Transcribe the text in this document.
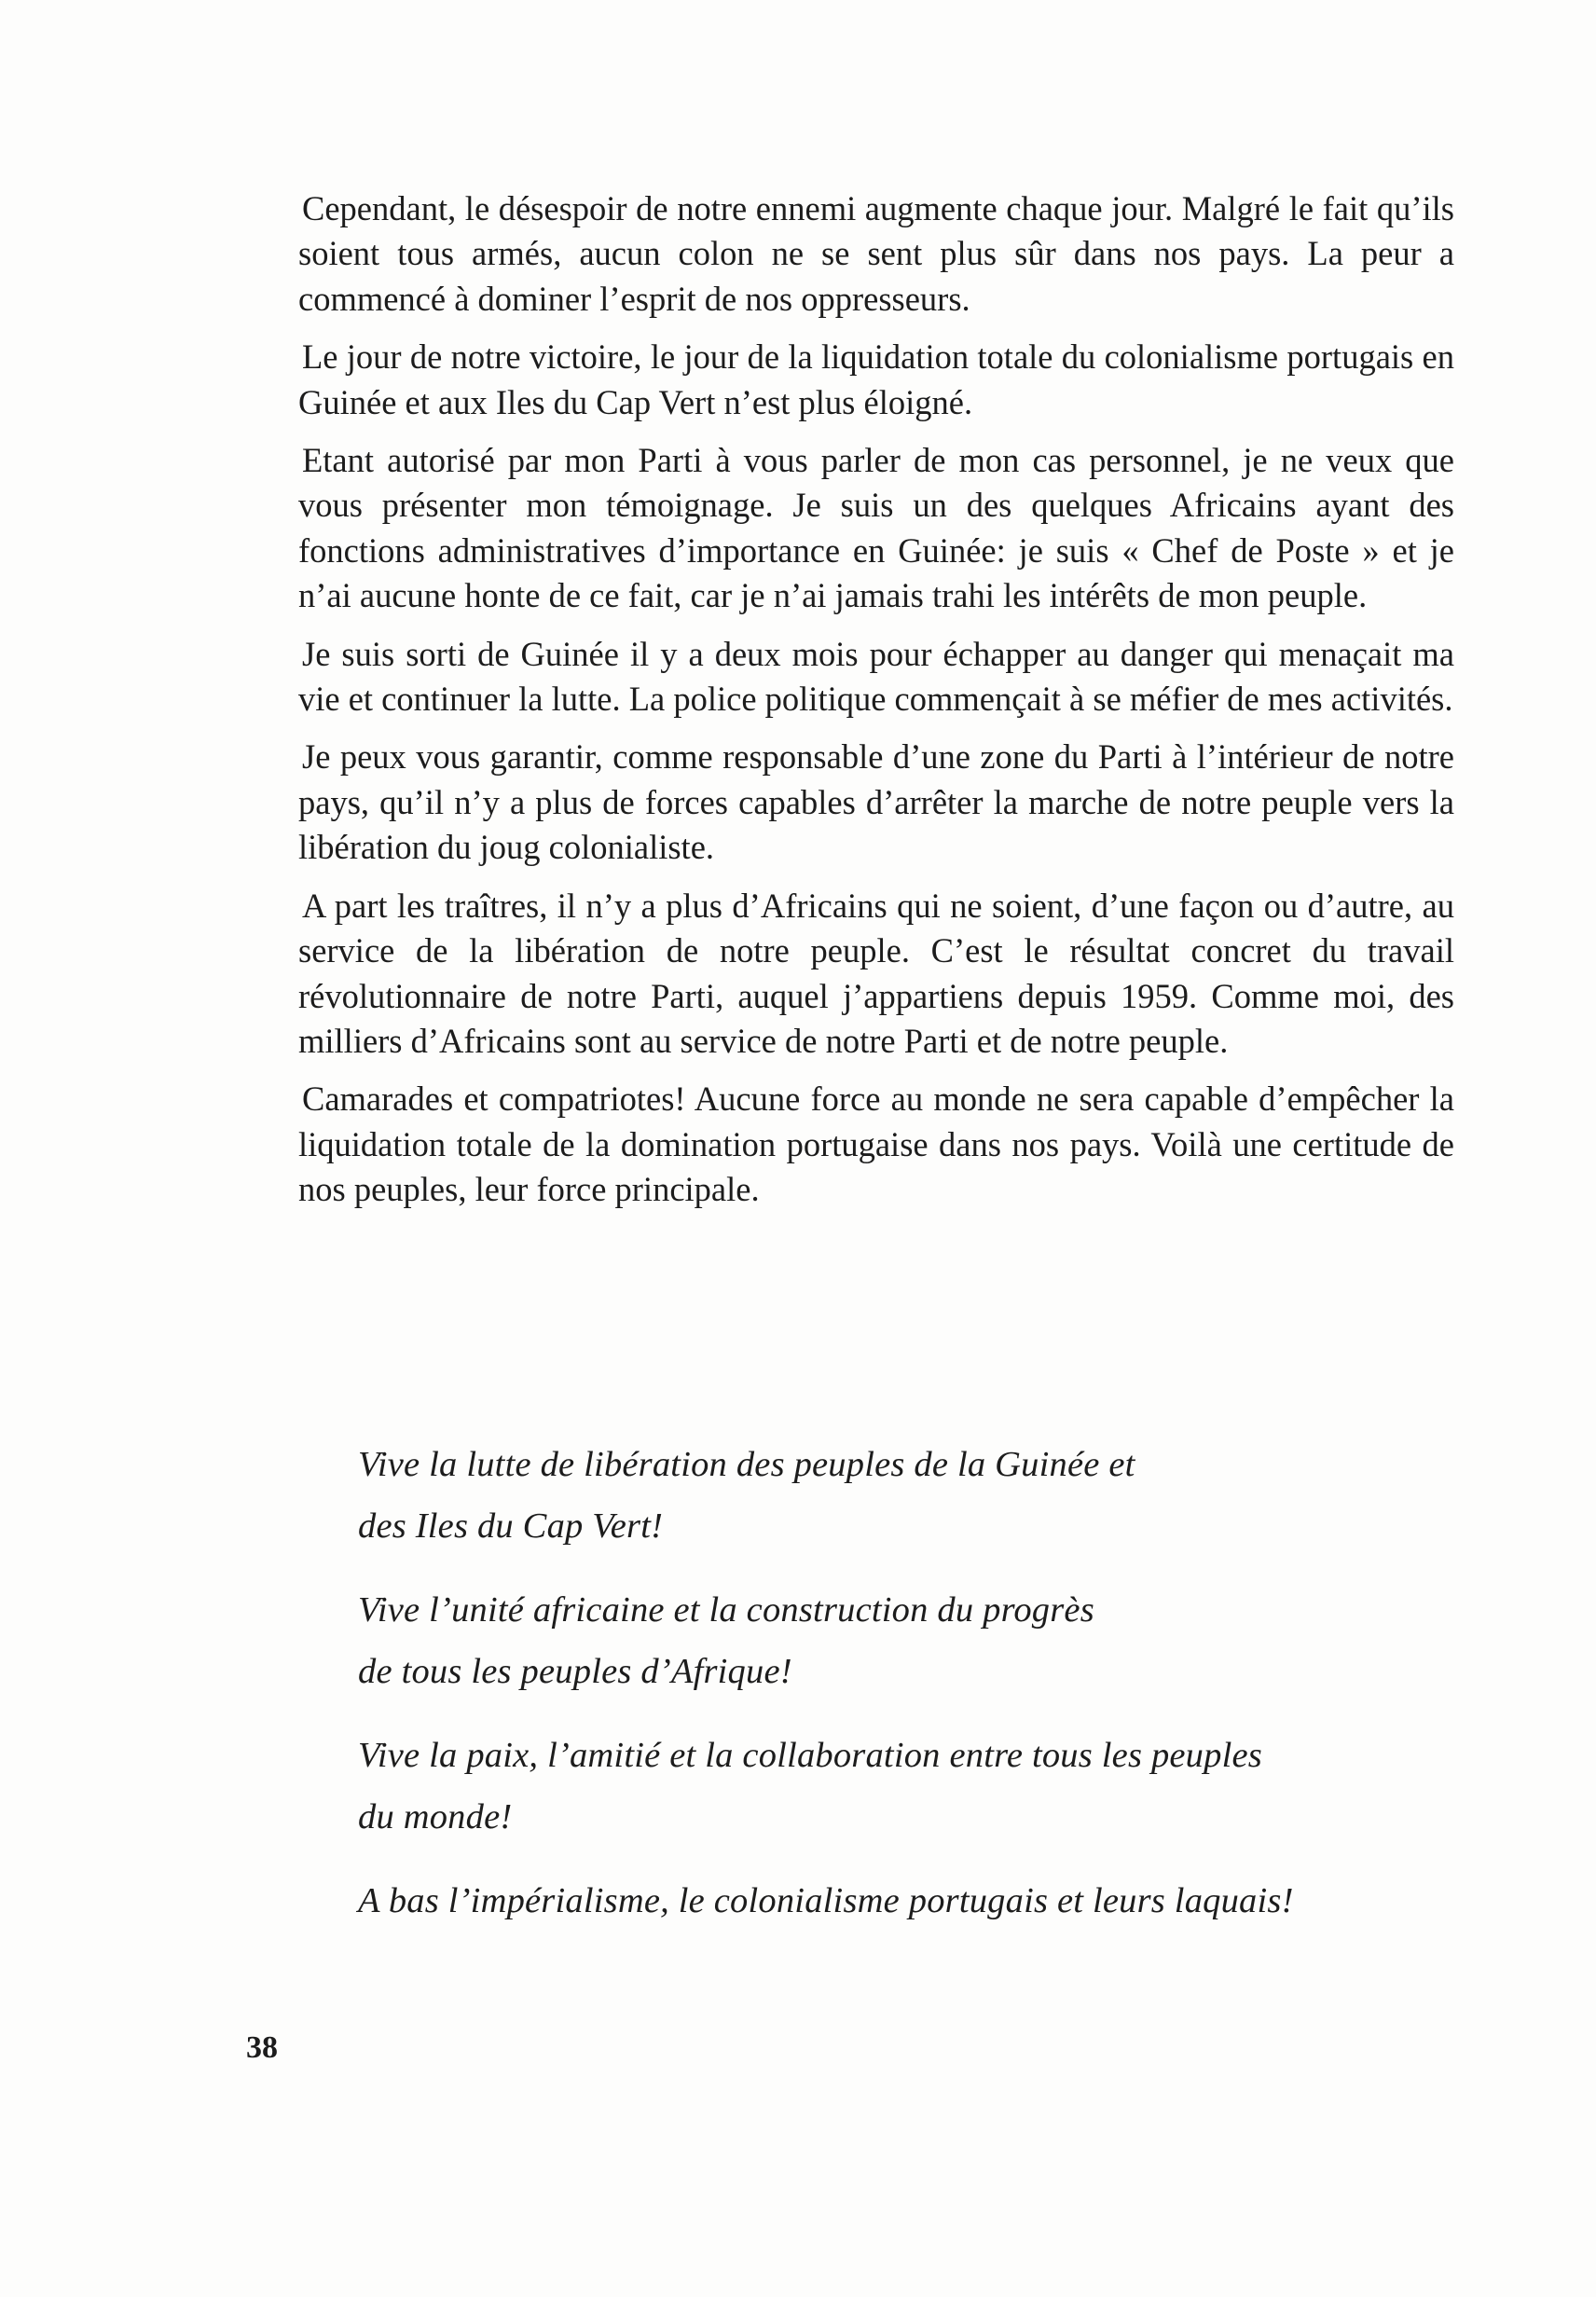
Cependant, le désespoir de notre ennemi augmente chaque jour. Malgré le fait qu’ils soient tous armés, aucun colon ne se sent plus sûr dans nos pays. La peur a commencé à dominer l’esprit de nos oppresseurs.

Le jour de notre victoire, le jour de la liquidation totale du colonialisme portugais en Guinée et aux Iles du Cap Vert n’est plus éloigné.

Etant autorisé par mon Parti à vous parler de mon cas personnel, je ne veux que vous présenter mon témoignage. Je suis un des quelques Africains ayant des fonctions administratives d’importance en Guinée: je suis « Chef de Poste » et je n’ai aucune honte de ce fait, car je n’ai jamais trahi les intérêts de mon peuple.

Je suis sorti de Guinée il y a deux mois pour échapper au danger qui menaçait ma vie et continuer la lutte. La police politique commençait à se méfier de mes activités.

Je peux vous garantir, comme responsable d’une zone du Parti à l’intérieur de notre pays, qu’il n’y a plus de forces capables d’arrêter la marche de notre peuple vers la libération du joug colonialiste.

A part les traîtres, il n’y a plus d’Africains qui ne soient, d’une façon ou d’autre, au service de la libération de notre peuple. C’est le résultat concret du travail révolutionnaire de notre Parti, auquel j’appartiens depuis 1959. Comme moi, des milliers d’Africains sont au service de notre Parti et de notre peuple.

Camarades et compatriotes! Aucune force au monde ne sera capable d’empêcher la liquidation totale de la domination portugaise dans nos pays. Voilà une certitude de nos peuples, leur force principale.

Vive la lutte de libération des peuples de la Guinée et
des Iles du Cap Vert!

Vive l’unité africaine et la construction du progrès
de tous les peuples d’Afrique!

Vive la paix, l’amitié et la collaboration entre tous les peuples
du monde!

A bas l’impérialisme, le colonialisme portugais et leurs laquais!

38
